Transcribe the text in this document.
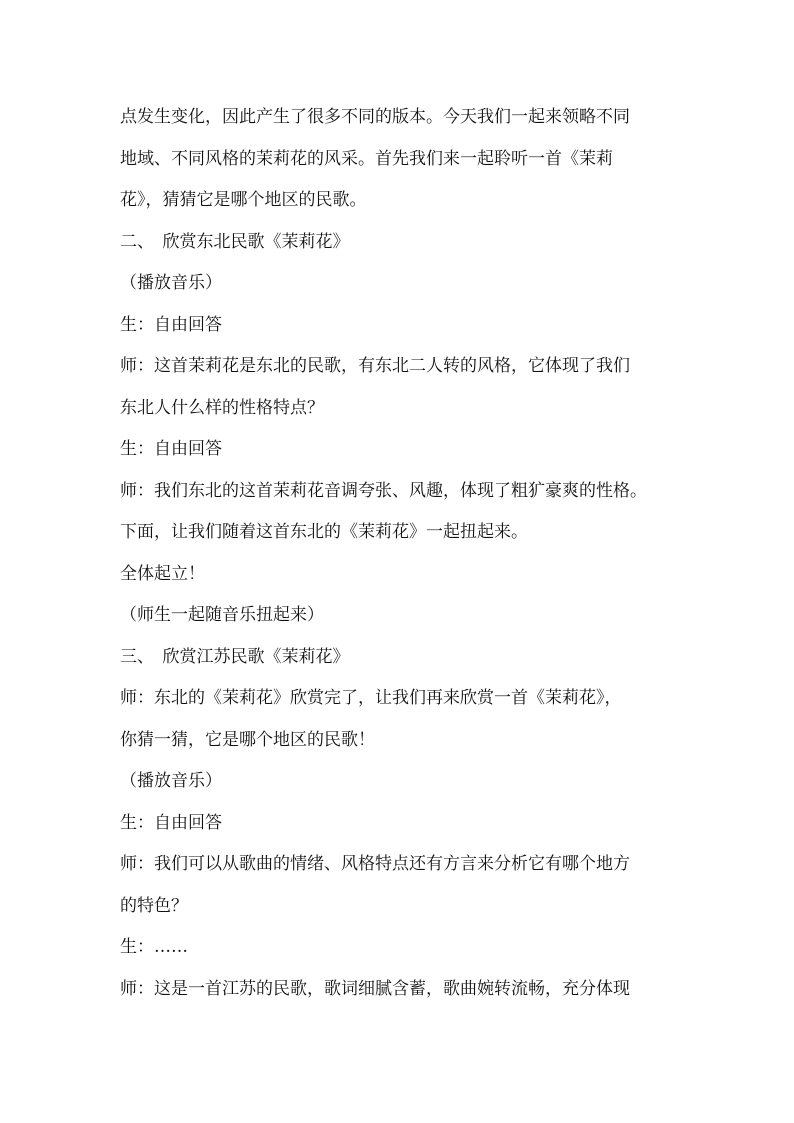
点发生变化，因此产生了很多不同的版本。今天我们一起来领略不同
地域、不同风格的茉莉花的风采。首先我们来一起聆听一首《茉莉
花》，猜猜它是哪个地区的民歌。
二、　欣赏东北民歌《茉莉花》
（播放音乐）
生：自由回答
师：这首茉莉花是东北的民歌，有东北二人转的风格，它体现了我们
东北人什么样的性格特点？
生：自由回答
师：我们东北的这首茉莉花音调夸张、风趣，体现了粗犷豪爽的性格。
下面，让我们随着这首东北的《茉莉花》一起扭起来。
全体起立！
（师生一起随音乐扭起来）
三、　欣赏江苏民歌《茉莉花》
师：东北的《茉莉花》欣赏完了，让我们再来欣赏一首《茉莉花》，
你猜一猜，它是哪个地区的民歌！
（播放音乐）
生：自由回答
师：我们可以从歌曲的情绪、风格特点还有方言来分析它有哪个地方
的特色？
生：……
师：这是一首江苏的民歌，歌词细腻含蓄，歌曲婉转流畅，充分体现
